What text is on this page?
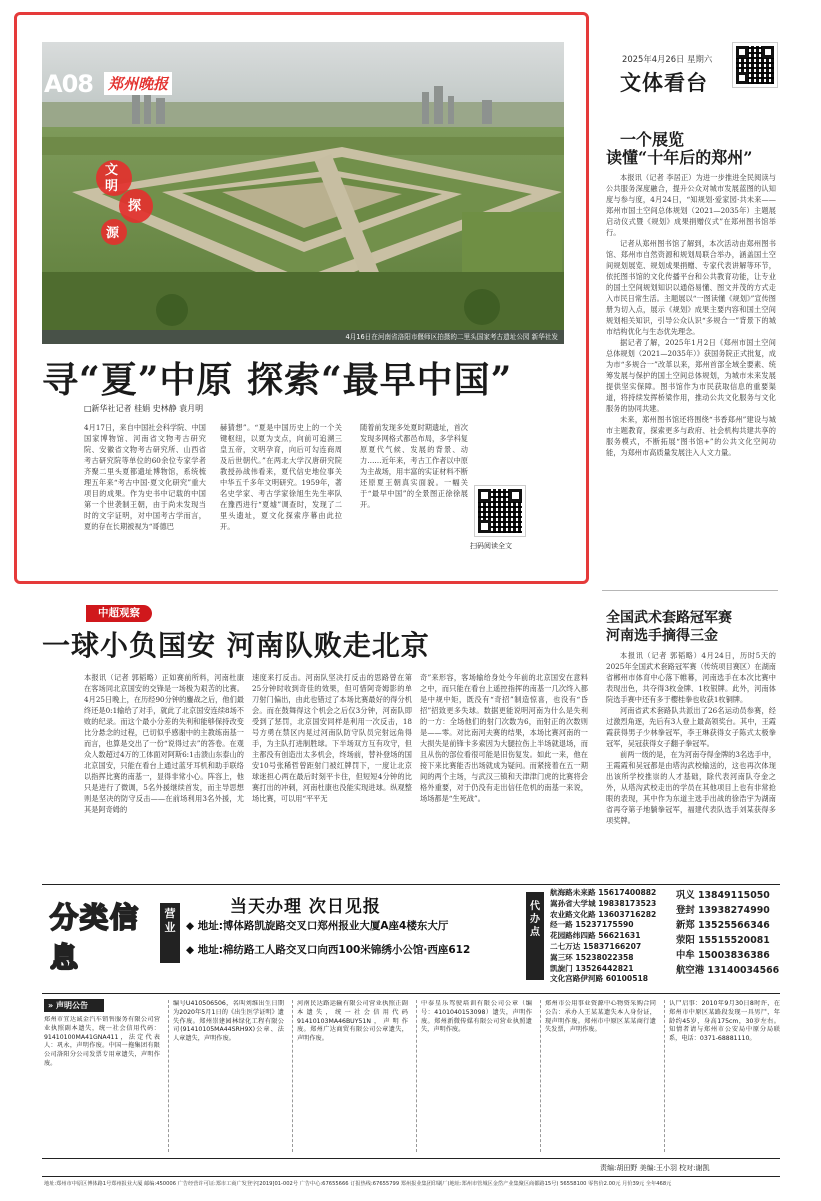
A08 郑州晚报
文
明
探
源
4月16日在河南省洛阳市偃师区拍摄的二里头国家考古遗址公园 新华社发
2025年4月26日 星期六
文体看台
寻“夏”中原 探索“最早中国”
□新华社记者 桂娟 史林静 袁月明
4月17日，来自中国社会科学院、中国国家博物馆、河南省文物考古研究院、安徽省文物考古研究所、山西省考古研究院等单位的60余位专家学者齐聚二里头夏都遗址博物馆，系统梳理五年来“考古中国·夏文化研究”重大项目的成果。作为史书中记载的中国第一个世袭制王朝，由于尚未发现当时的文字证明，对中国考古学而言，夏的存在长期被视为“哥德巴
赫猜想”。“夏是中国历史上的一个关键枢纽，以夏为支点，向前可追溯三皇五帝，文明孕育，向后可勾连商周及后世朝代。”在两北大学汉唐研究院教授孙战伟看来，夏代信史地位事关中华五千多年文明研究。1959年，著名史学家、考古学家徐旭生先生率队在豫西进行“夏墟”调查时，发现了二里头遗址，夏文化探索序幕由此拉开。
随着前发现多处夏时期遗址，首次发现多网格式都邑布局，多学科复原夏代气候、发展的背景、动力……近年来，考古工作者以中原为主战场，用丰富的实证材料不断还原夏王朝真实面貌。一幅关于“最早中国”的全景图正徐徐展开。
扫码阅读全文
一个展览
读懂“十年后的郑州”

本报讯（记者 李居正）为进一步推进全民阅读与公共服务深度融合，提升公众对城市发展蓝图的认知度与参与度，4月24日，“知规划·爱家园·共未来——郑州市国土空间总体规划（2021—2035年）主题展启动仪式暨《规划》成果捐赠仪式”在郑州图书馆举行。

记者从郑州图书馆了解到，本次活动由郑州图书馆、郑州市自然资源和规划局联合举办，涵盖国土空间规划展览、规划成果捐赠、专家代表讲解等环节，依托图书馆的文化传播平台和公共教育功能，让专业的国土空间规划知识以通俗易懂、图文并茂的方式走入市民日常生活。主题展以“一图读懂《规划》”宣传图册为切入点，展示《规划》成果主要内容和国土空间规划相关知识，引导公众认识“多规合一”背景下的城市结构优化与生态优先理念。

据记者了解，2025年1月2日《郑州市国土空间总体规划（2021—2035年）》获国务院正式批复，成为市“多规合一”改革以来，郑州首部全域全要素、统筹发展与保护的国土空间总体规划，为城市未来发展提供坚实保障。图书馆作为市民获取信息的重要渠道，将持续发挥桥梁作用，推动公共文化服务与文化服务的协同共建。

未来，郑州图书馆还将围绕“书香郑州”建设与城市主题教育，探索更多与政府、社会机构共建共享的服务模式，不断拓展“图书馆+”的公共文化空间功能，为郑州市高质量发展注入人文力量。

全国武术套路冠军赛
河南选手摘得三金

本报讯（记者 郭韬略）4月24日，历时5天的2025年全国武术套路冠军赛（传统项目赛区）在湖南省郴州市体育中心落下帷幕，河南选手在本次比赛中表现出色，共夺得3枚金牌、1枚银牌。此外，河南体院选手赛中还有多于樱桂拳也收获1枚铜牌。

河南省武术套路队共派出了26名运动员参赛，经过激烈角逐，先后有3人登上最高领奖台。其中，王霞霞获得男子少林拳冠军，李王琳获得女子陈式太极拳冠军，吴冠获得女子翻子拳冠军。

前两一级的是，在为河南夺得金牌的3名选手中，王霞霞和吴冠都是由塔沟武校输送的，这也再次体现出该所学校推崇的人才基础，除代表河南队夺金之外，从塔沟武校走出的学员在其他项目上也有非常抢眼的表现，其中作为东道主选手出战的徐浩宇为湖南省再夺第子地躺拳冠军，福建代表队选手刘某获得多项奖牌。

中超观察
一球小负国安 河南队败走北京
本报讯（记者 郭韬略）正如赛前所料，河南杜康在客场同北京国安的交锋是一场极为艰苦的比赛。4月25日晚上，在历经90分钟的鏖战之后，他们最终还是0:1输给了对手，就此了北京国安连续8场不败的纪录。而这个最小分差的失利和能够保持改变比分悬念的过程，已切似乎感谢中的主教练南基一而言，也算是交出了一份“说得过去”的答卷。在观众人数超过4万的工体面对阿斯6:1击溃山东泰山的北京国安，只能在看台上通过蓝牙耳机和助手联络以指挥比赛的南基一，显得非常小心。阵容上，他只是进行了微调，5名外援继续首发，而主导思想则是坚决的防守反击——在前场利用3名外援，尤其是阿奇姆的
速度来打反击。河南队坚决打反击的思路曾在第25分钟时收到奇佳的效果，但可惜阿奇姆影的单刀射门偏出，由此也错过了本场比赛最好的得分机会。而在鼓舞得这个机会之后仅3分钟，河南队即受到了惩罚，北京国安同样是利用一次反击，18号方勇在禁区内晃过河南队防守队员完射远角得手，为主队打进制胜球。下半场双方互有攻守，但主都没有创造出太多机会，终场前，替补登场的国安10号张稀哲曾距射门被红牌罚下，一度让北京球迷担心两在最后时刻平卡住，但短短4分钟的比赛打出的冲刺，河南杜康也没能实现进球。纵观整场比赛，可以用“平平无
奇”来形容，客场输给身处今年前的北京国安在意料之中，而只能在看台上遥控指挥的南基一几次终入都是中规中矩，既没有“奇招”制造惊喜，也没有“昏招”招致更多失球。数据更能说明河南为什么是失利的一方：全场他们的射门次数为6，而射正的次数则是——零。对比南河夫赛的结果，本场比赛河南的一大损失是前锋卡多索因为大腿拉伤上半场就退场，而且从伤的部位看很可能是旧伤复发。如此一来，他在接下来比赛能否出场就成为疑问。而紧接着在五一期间的两个主场，与武汉三镇和天津津门虎的比赛将会格外重要，对于仍没有走出信任危机的南基一来说，场场都是“生死战”。
分类信息
营业
当天办理 次日见报
◆ 地址:博体路凯旋路交叉口郑州报业大厦A座4楼东大厅
◆ 地址:棉纺路工人路交叉口向西100米锦绣小公馆·西座612
代办点
航海路未来路 15617400882
嵩孙省大学城 19838173523
农业路文化路 13603716282
经一路 15237175590
花园路纬四路 56621631
二七万达 15837166207
嵩三环 15238022358
凯旋门 13526442821
文化宫路伊河路 60100518
巩义 13849115050
登封 13938274990
新郑 13525566346
荥阳 15515520081
中牟 15003836386
航空港 13140034566
» 声明公告
郑州市宜达诚金汽车销售服务有限公司营业执照副本遗失，统一社会信用代码：91410100MA41GNA411，法定代表人：巩永，声明作废。中国一拖集团有限公司洛阳分公司发票专用章遗失，声明作废。
编号U410506506，名叫刘维出生日期为2020年5月1日的《出生医学证明》遗失作废。郑州崇建园林绿化工程有限公司(91410105MA44SRH9X)公章、法人章遗失，声明作废。
河南民达路运输有限公司营业执照正副本遗失，统一社会信用代码91410103MA46BUY51N，声明作废。郑州广达商贸有限公司公章遗失，声明作废。
中泰星乐驾驶培训有限公司公章（编号：4101040153098）遗失，声明作废。郑州新微传媒有限公司营业执照遗失，声明作废。
郑州市公用事业资源中心物资采购合同公告：承办人王某某遗失本人身份证，现声明作废。郑州市中原区某某商行遗失发票，声明作废。
认尸启事：2010年9月30日8时许，在郑州市中原区某路段发现一具男尸，年龄约45岁，身高175cm，30岁左右。知情者请与郑州市公安局中原分局联系，电话：0371-68881110。
责编:胡田野 美编:王小羽 校对:谢凯
地址:郑州市中原区博体路1号郑州报业大厦 邮编:450006 广告经营许可证:郑市工商广发登字[2019]01-002号 广告中心:67655666 订报热线:67655799 郑州报业集团印刷厂(地址:郑州市管城区金岱产业集聚区商都路15号) 56558100 零售价2.00元 月价39元 全年468元
